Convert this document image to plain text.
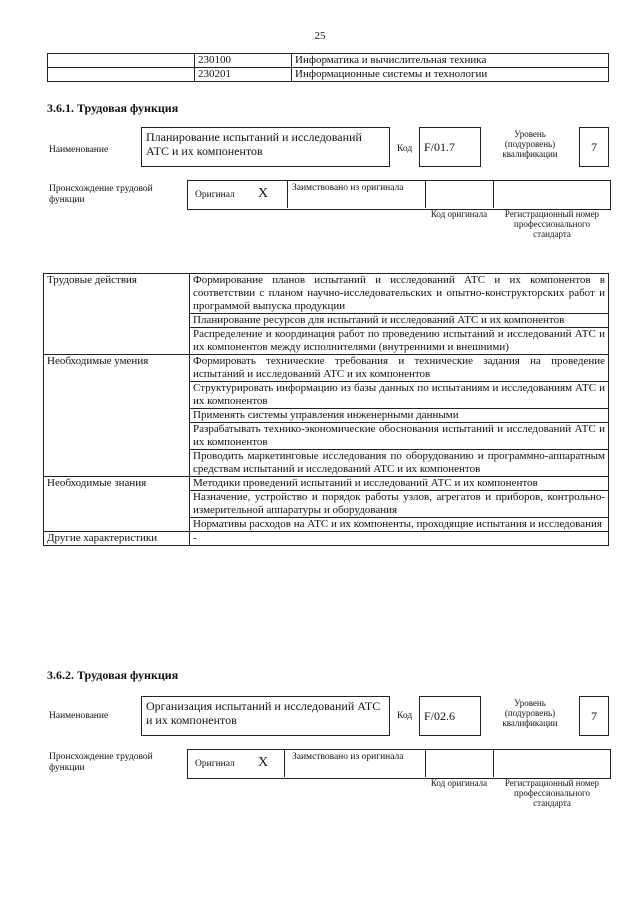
25
	230100	Информатика и вычислительная техника
	230201	Информационные системы и технологии
3.6.1. Трудовая функция
Наименование
Планирование испытаний и исследований АТС и их компонентов	Код F/01.7
Уровень (подуровень) квалификации	7
Происхождение трудовой функции	Оригинал X	Заимствовано из оригинала
Код оригинала	Регистрационный номер профессионального стандарта
Трудовые действия	Формирование планов испытаний и исследований АТС и их компонентов в соответствии с планом научно-исследовательских и опытно-конструкторских работ и программой выпуска продукции
	Планирование ресурсов для испытаний и исследований АТС и их компонентов
	Распределение и координация работ по проведению испытаний и исследований АТС и их компонентов между исполнителями (внутренними и внешними)
Необходимые умения	Формировать технические требования и технические задания на проведение испытаний и исследований АТС и их компонентов
	Структурировать информацию из базы данных по испытаниям и исследованиям АТС и их компонентов
	Применять системы управления инженерными данными
	Разрабатывать технико-экономические обоснования испытаний и исследований АТС и их компонентов
	Проводить маркетинговые исследования по оборудованию и программно-аппаратным средствам испытаний и исследований АТС и их компонентов
Необходимые знания	Методики проведений испытаний и исследований АТС и их компонентов
	Назначение, устройство и порядок работы узлов, агрегатов и приборов, контрольно-измерительной аппаратуры и оборудования
	Нормативы расходов на АТС и их компоненты, проходящие испытания и исследования
Другие характеристики	-
3.6.2. Трудовая функция
Наименование
Организация испытаний и исследований АТС и их компонентов	Код F/02.6
Уровень (подуровень) квалификации	7
Происхождение трудовой функции	Оригинал X	Заимствовано из оригинала
Код оригинала	Регистрационный номер профессионального стандарта
